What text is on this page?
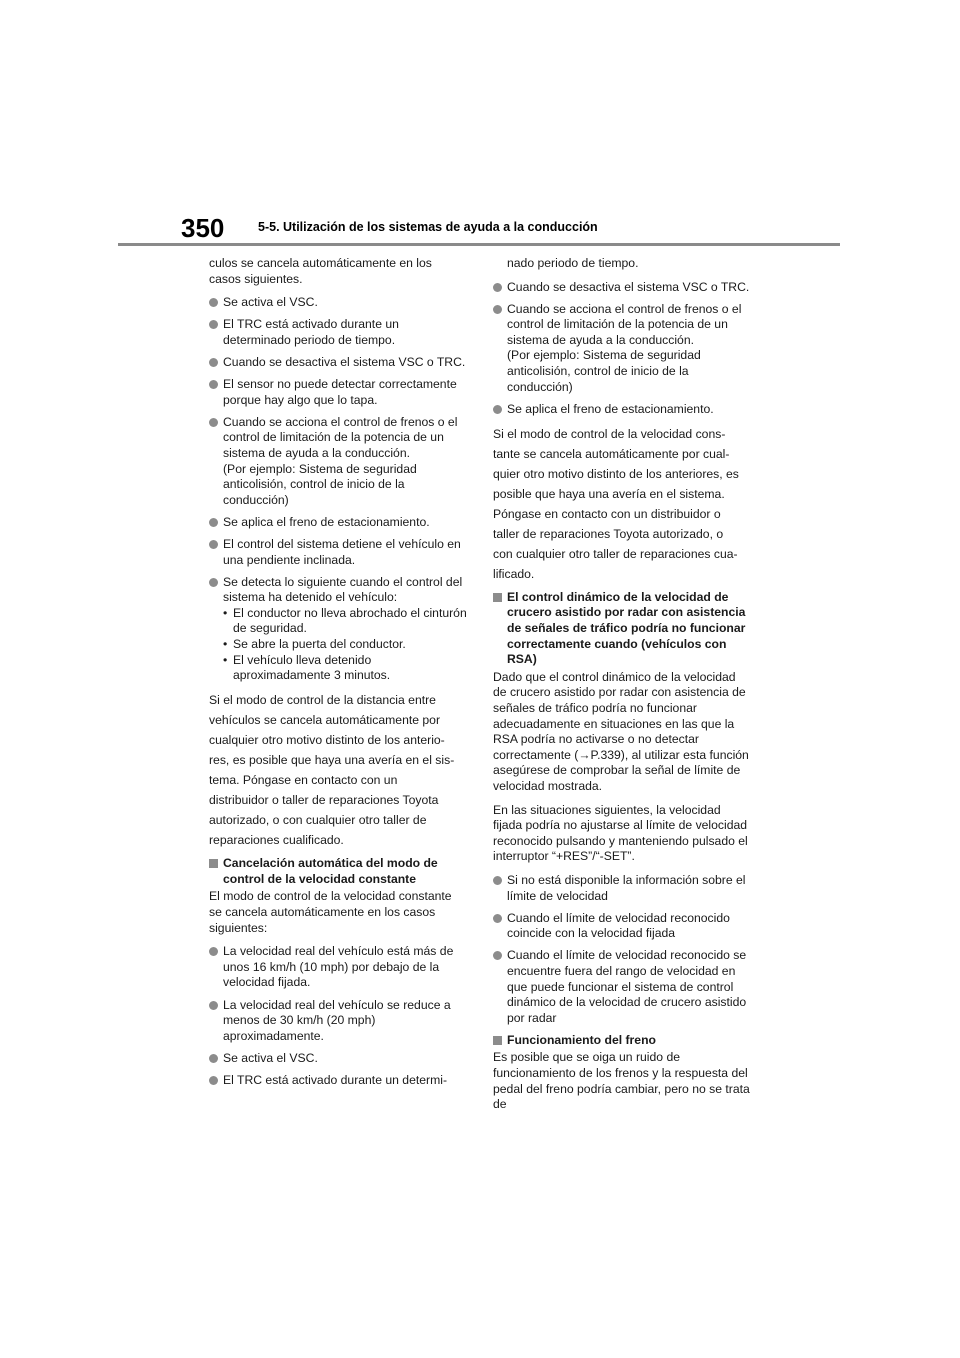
350	5-5. Utilización de los sistemas de ayuda a la conducción

culos se cancela automáticamente en los casos siguientes.

Se activa el VSC.
El TRC está activado durante un determinado periodo de tiempo.
Cuando se desactiva el sistema VSC o TRC.
El sensor no puede detectar correctamente porque hay algo que lo tapa.
Cuando se acciona el control de frenos o el control de limitación de la potencia de un sistema de ayuda a la conducción.
(Por ejemplo: Sistema de seguridad anticolisión, control de inicio de la conducción)
Se aplica el freno de estacionamiento.
El control del sistema detiene el vehículo en una pendiente inclinada.
Se detecta lo siguiente cuando el control del sistema ha detenido el vehículo:
• El conductor no lleva abrochado el cinturón de seguridad.
• Se abre la puerta del conductor.
• El vehículo lleva detenido aproximadamente 3 minutos.
Si el modo de control de la distancia entre
vehículos se cancela automáticamente por
cualquier otro motivo distinto de los anterio-
res, es posible que haya una avería en el sis-
tema. Póngase en contacto con un
distribuidor o taller de reparaciones Toyota
autorizado, o con cualquier otro taller de
reparaciones cualificado.
Cancelación automática del modo de control de la velocidad constante

El modo de control de la velocidad constante se cancela automáticamente en los casos siguientes:

La velocidad real del vehículo está más de unos 16 km/h (10 mph) por debajo de la velocidad fijada.
La velocidad real del vehículo se reduce a menos de 30 km/h (20 mph) aproximadamente.
Se activa el VSC.
El TRC está activado durante un determi-

nado periodo de tiempo.

Cuando se desactiva el sistema VSC o TRC.
Cuando se acciona el control de frenos o el control de limitación de la potencia de un sistema de ayuda a la conducción.
(Por ejemplo: Sistema de seguridad anticolisión, control de inicio de la conducción)
Se aplica el freno de estacionamiento.
Si el modo de control de la velocidad cons-
tante se cancela automáticamente por cual-
quier otro motivo distinto de los anteriores, es
posible que haya una avería en el sistema.
Póngase en contacto con un distribuidor o
taller de reparaciones Toyota autorizado, o
con cualquier otro taller de reparaciones cua-
lificado.
El control dinámico de la velocidad de crucero asistido por radar con asistencia de señales de tráfico podría no funcionar correctamente cuando (vehículos con RSA)

Dado que el control dinámico de la velocidad de crucero asistido por radar con asistencia de señales de tráfico podría no funcionar adecuadamente en situaciones en las que la RSA podría no activarse o no detectar correctamente (→P.339), al utilizar esta función asegúrese de comprobar la señal de límite de velocidad mostrada.

En las situaciones siguientes, la velocidad fijada podría no ajustarse al límite de velocidad reconocido pulsando y manteniendo pulsado el interruptor “+RES”/“-SET”.

Si no está disponible la información sobre el límite de velocidad
Cuando el límite de velocidad reconocido coincide con la velocidad fijada
Cuando el límite de velocidad reconocido se encuentre fuera del rango de velocidad en que puede funcionar el sistema de control dinámico de la velocidad de crucero asistido por radar
Funcionamiento del freno

Es posible que se oiga un ruido de funcionamiento de los frenos y la respuesta del pedal del freno podría cambiar, pero no se trata de
